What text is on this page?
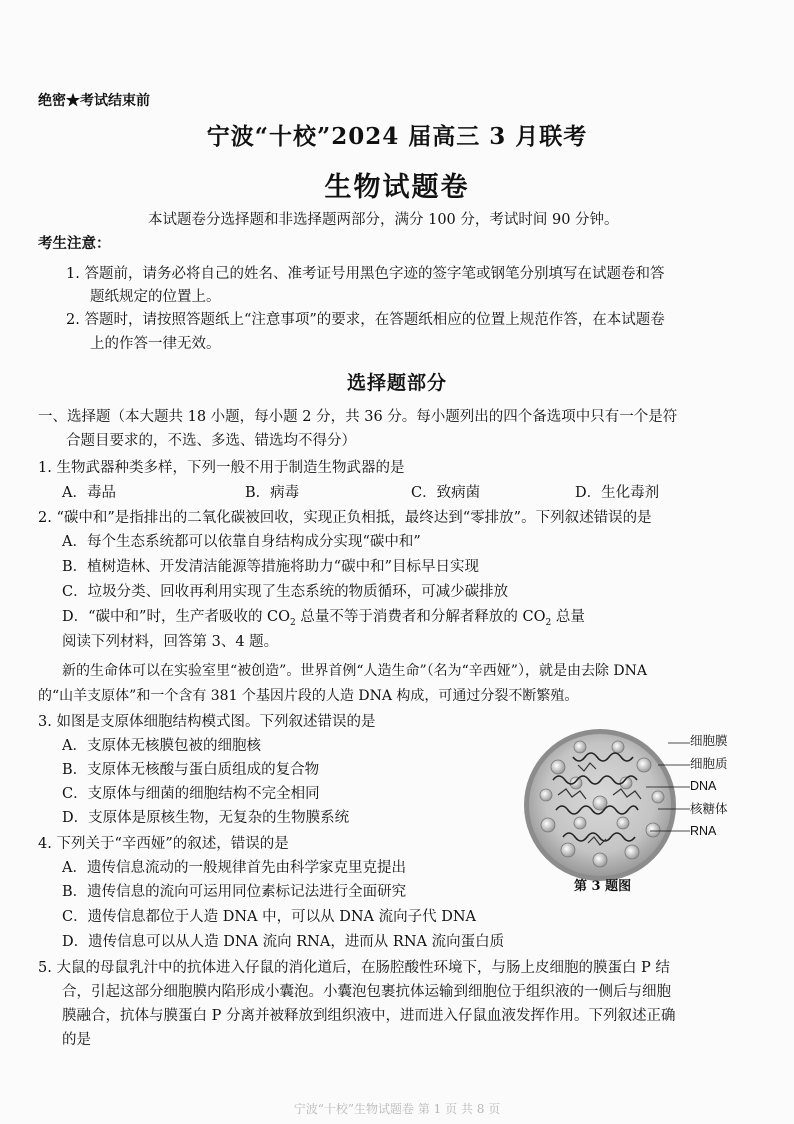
绝密★考试结束前
宁波“十校”2024 届高三 3 月联考
生物试题卷
本试题卷分选择题和非选择题两部分，满分 100 分，考试时间 90 分钟。
考生注意：
1. 答题前，请务必将自己的姓名、准考证号用黑色字迹的签字笔或钢笔分别填写在试题卷和答
题纸规定的位置上。
2. 答题时，请按照答题纸上“注意事项”的要求，在答题纸相应的位置上规范作答，在本试题卷
上的作答一律无效。
选择题部分
一、选择题（本大题共 18 小题，每小题 2 分，共 36 分。每小题列出的四个备选项中只有一个是符
合题目要求的，不选、多选、错选均不得分）
1. 生物武器种类多样，下列一般不用于制造生物武器的是
A．毒品	B．病毒	C．致病菌	D．生化毒剂
2. “碳中和”是指排出的二氧化碳被回收，实现正负相抵，最终达到“零排放”。下列叙述错误的是
A．每个生态系统都可以依靠自身结构成分实现“碳中和”
B．植树造林、开发清洁能源等措施将助力“碳中和”目标早日实现
C．垃圾分类、回收再利用实现了生态系统的物质循环，可减少碳排放
D．“碳中和”时，生产者吸收的 $CO_2$ 总量不等于消费者和分解者释放的 $CO_2$ 总量
阅读下列材料，回答第 3、4 题。
新的生命体可以在实验室里“被创造”。世界首例“人造生命”（名为“辛西娅”），就是由去除 DNA
的“山羊支原体”和一个含有 381 个基因片段的人造 DNA 构成，可通过分裂不断繁殖。
3. 如图是支原体细胞结构模式图。下列叙述错误的是
A．支原体无核膜包被的细胞核
B．支原体无核酸与蛋白质组成的复合物
C．支原体与细菌的细胞结构不完全相同
D．支原体是原核生物，无复杂的生物膜系统
细胞膜
细胞质
DNA
核糖体
RNA
第 3 题图
4. 下列关于“辛西娅”的叙述，错误的是
A．遗传信息流动的一般规律首先由科学家克里克提出
B．遗传信息的流向可运用同位素标记法进行全面研究
C．遗传信息都位于人造 DNA 中，可以从 DNA 流向子代 DNA
D．遗传信息可以从人造 DNA 流向 RNA，进而从 RNA 流向蛋白质
5. 大鼠的母鼠乳汁中的抗体进入仔鼠的消化道后，在肠腔酸性环境下，与肠上皮细胞的膜蛋白 P 结
合，引起这部分细胞膜内陷形成小囊泡。小囊泡包裹抗体运输到细胞位于组织液的一侧后与细胞
膜融合，抗体与膜蛋白 P 分离并被释放到组织液中，进而进入仔鼠血液发挥作用。下列叙述正确
的是
宁波“十校”生物试题卷 第 1 页 共 8 页
